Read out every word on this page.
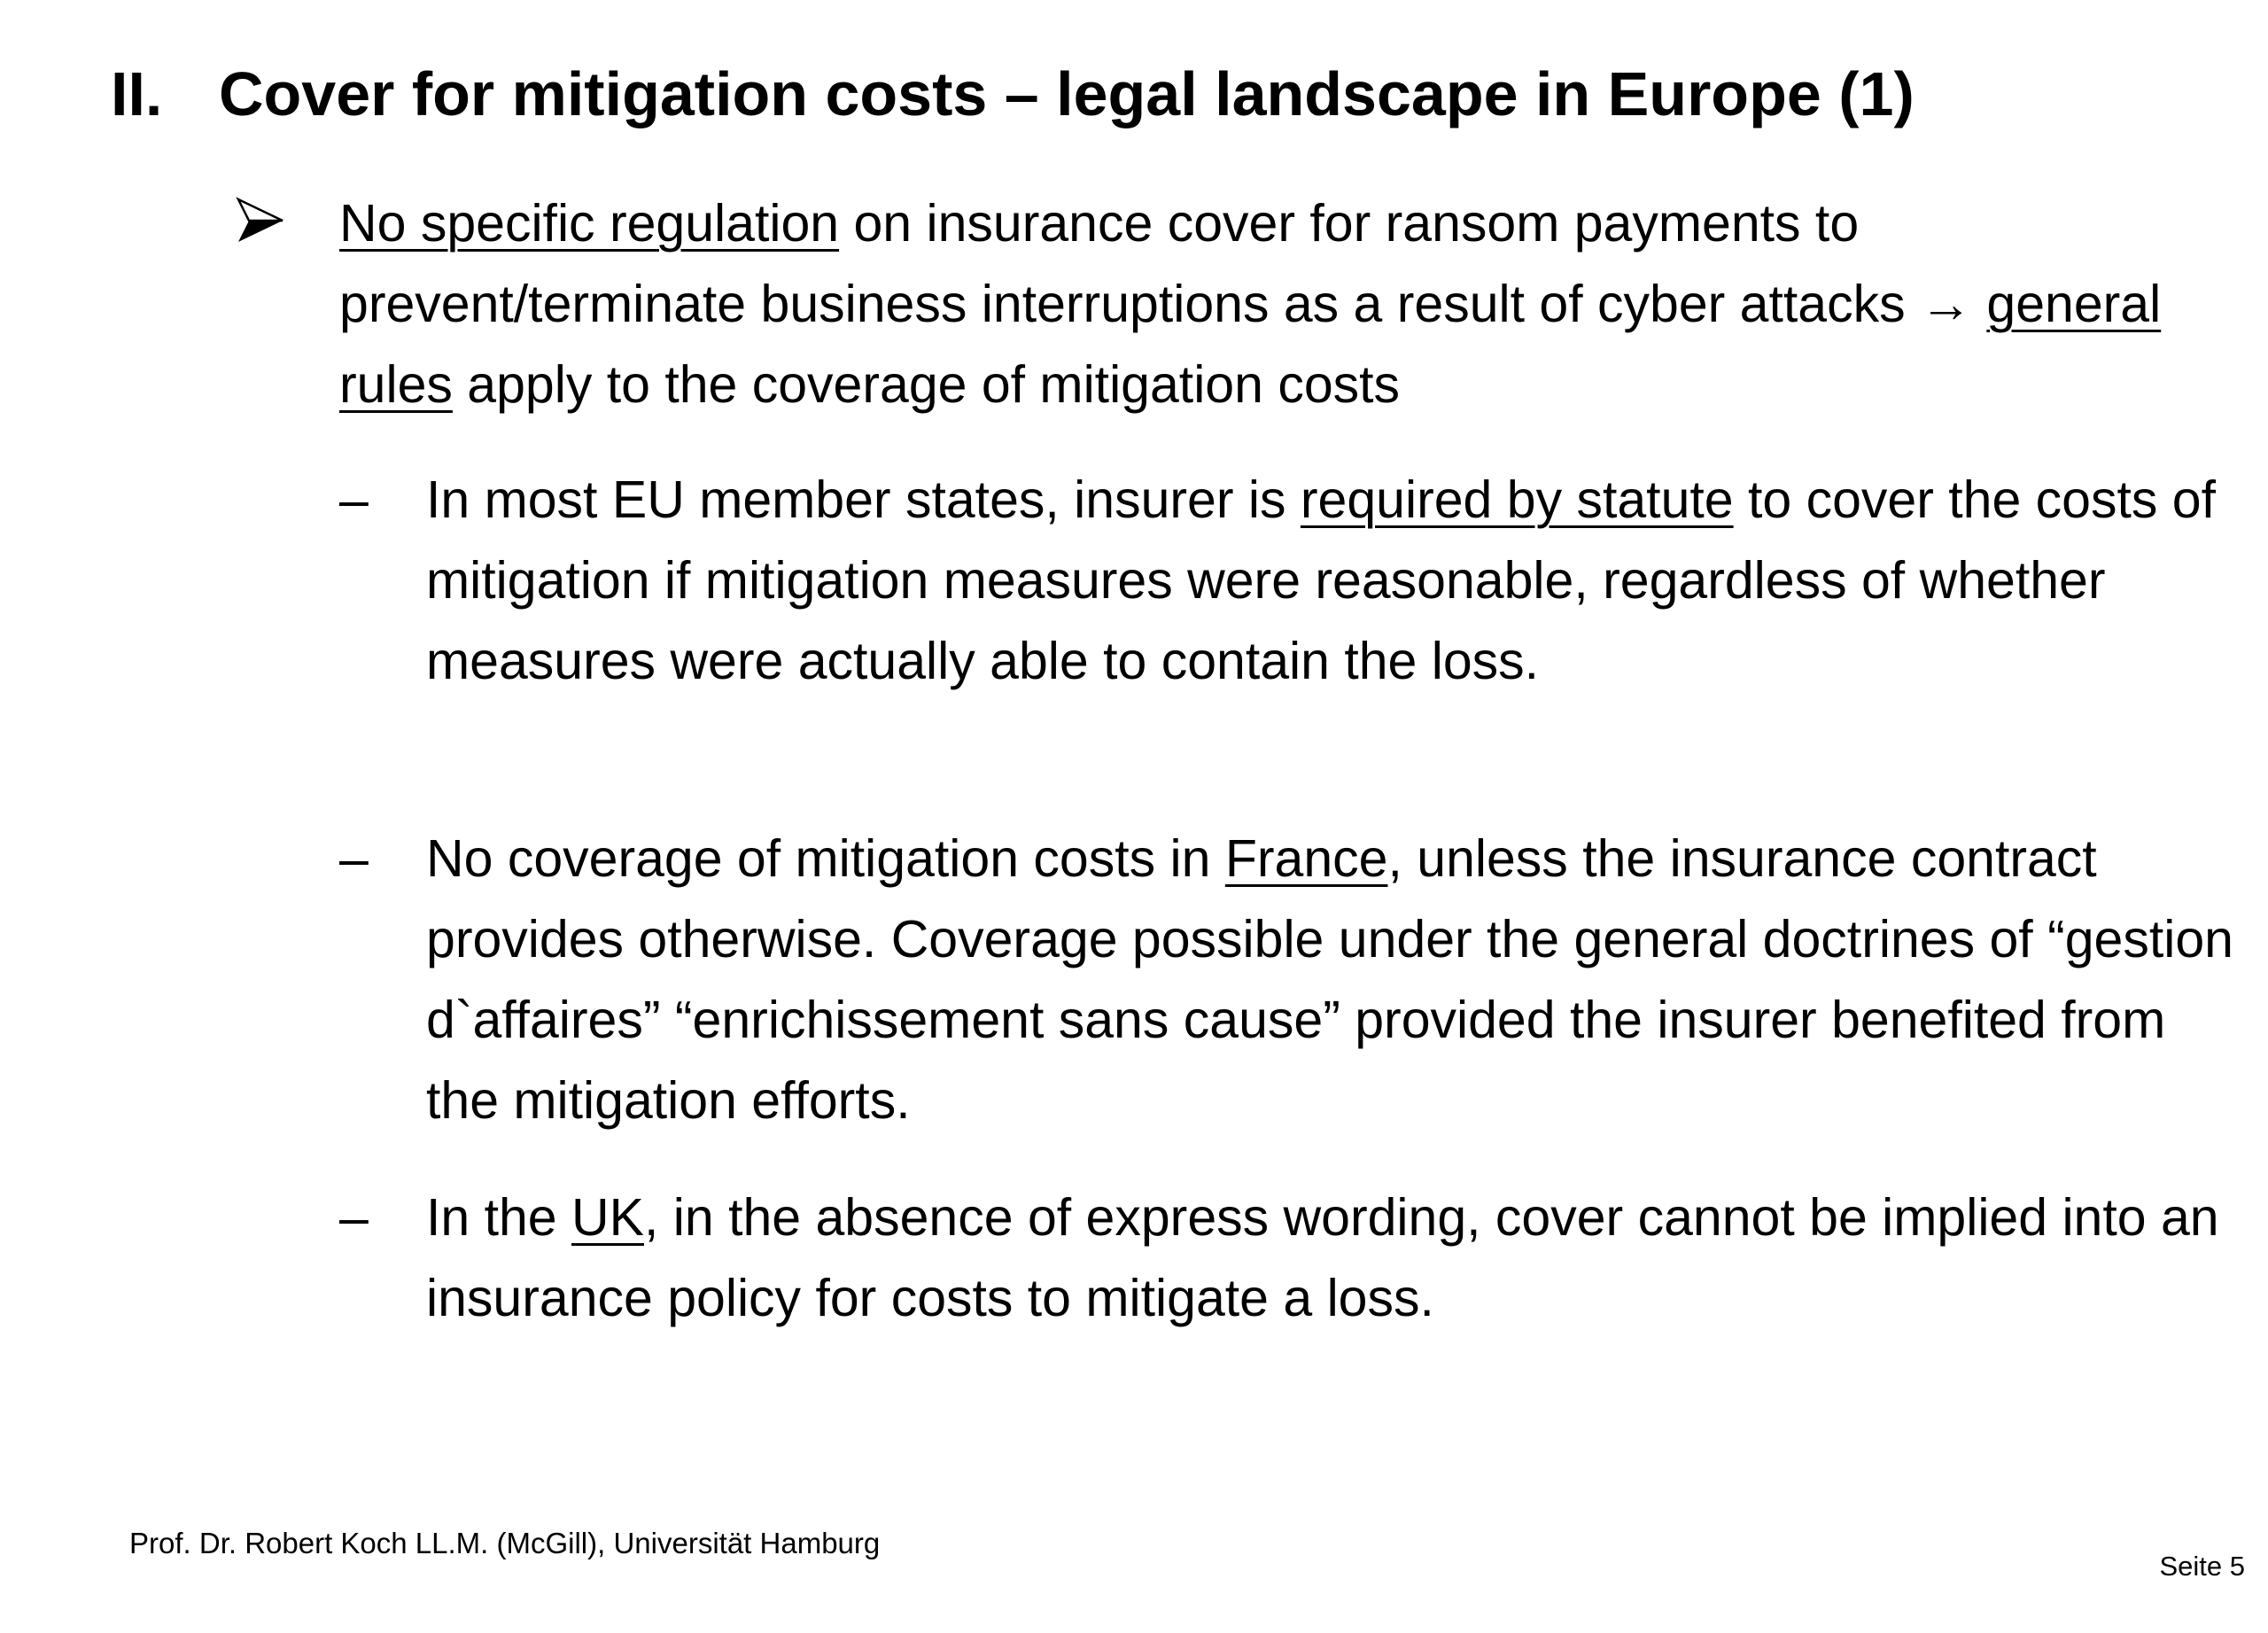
II. Cover for mitigation costs – legal landscape in Europe (1)
No specific regulation on insurance cover for ransom payments to prevent/terminate business interruptions as a result of cyber attacks → general rules apply to the coverage of mitigation costs
– In most EU member states, insurer is required by statute to cover the costs of mitigation if mitigation measures were reasonable, regardless of whether measures were actually able to contain the loss.
– No coverage of mitigation costs in France, unless the insurance contract provides otherwise. Coverage possible under the general doctrines of “gestion d`affaires” “enrichissement sans cause” provided the insurer benefited from the mitigation efforts.
– In the UK, in the absence of express wording, cover cannot be implied into an insurance policy for costs to mitigate a loss.
Prof. Dr. Robert Koch LL.M. (McGill), Universität Hamburg
Seite 5
